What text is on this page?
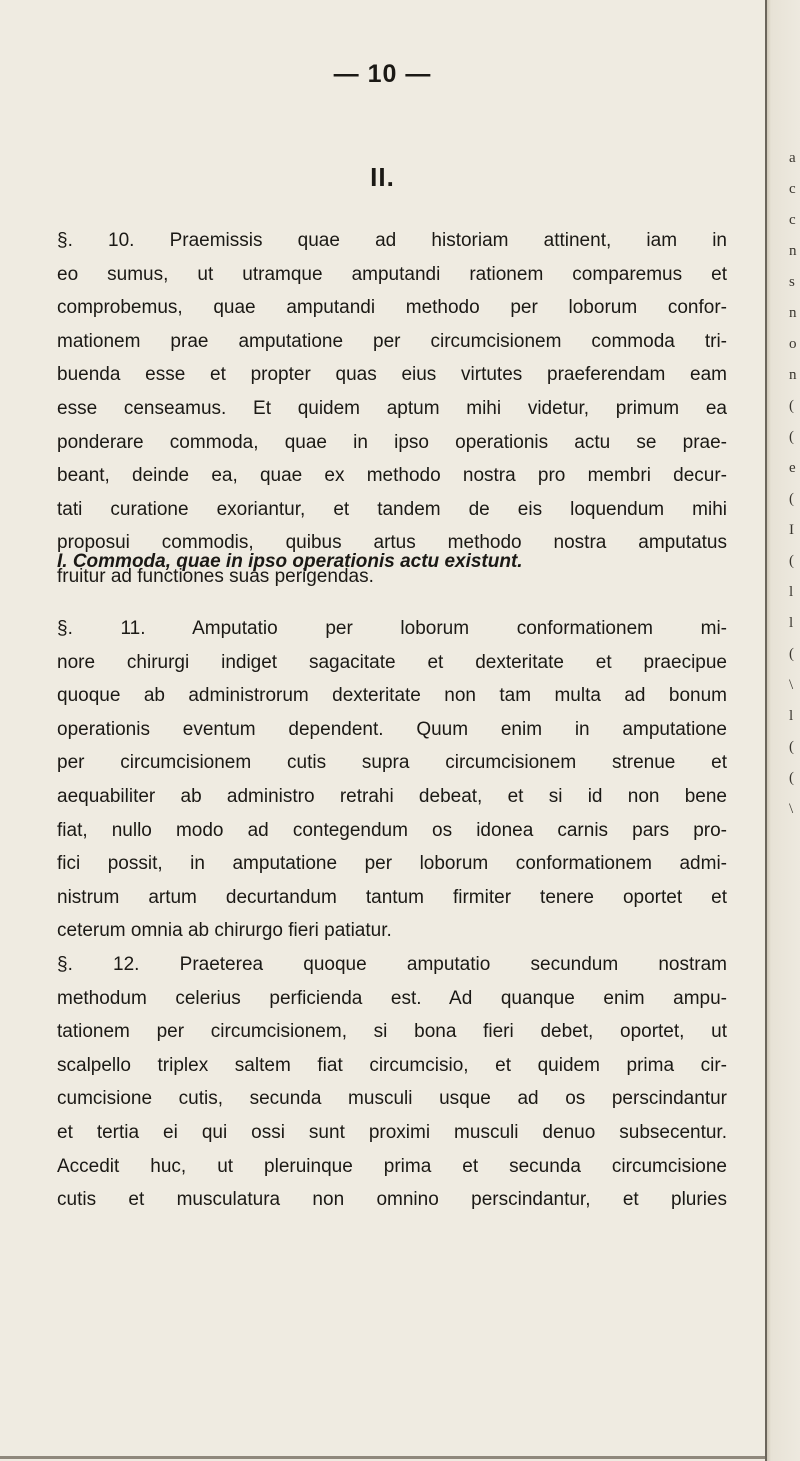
— 10 —
II.
§. 10. Praemissis quae ad historiam attinent, iam in
eo sumus, ut utramque amputandi rationem comparemus et
comprobemus, quae amputandi methodo per loborum confor-
mationem prae amputatione per circumcisionem commoda tri-
buenda esse et propter quas eius virtutes praeferendam eam
esse censeamus. Et quidem aptum mihi videtur, primum ea
ponderare commoda, quae in ipso operationis actu se prae-
beant, deinde ea, quae ex methodo nostra pro membri decur-
tati curatione exoriantur, et tandem de eis loquendum mihi
proposui commodis, quibus artus methodo nostra amputatus
fruitur ad functiones suas perigendas.
I. Commoda, quae in ipso operationis actu existunt.
§. 11. Amputatio per loborum conformationem mi-
nore chirurgi indiget sagacitate et dexteritate et praecipue
quoque ab administrorum dexteritate non tam multa ad bonum
operationis eventum dependent. Quum enim in amputatione
per circumcisionem cutis supra circumcisionem strenue et
aequabiliter ab administro retrahi debeat, et si id non bene
fiat, nullo modo ad contegendum os idonea carnis pars pro-
fici possit, in amputatione per loborum conformationem admi-
nistrum artum decurtandum tantum firmiter tenere oportet et
ceterum omnia ab chirurgo fieri patiatur.
§. 12. Praeterea quoque amputatio secundum nostram
methodum celerius perficienda est. Ad quanque enim ampu-
tationem per circumcisionem, si bona fieri debet, oportet, ut
scalpello triplex saltem fiat circumcisio, et quidem prima cir-
cumcisione cutis, secunda musculi usque ad os perscindantur
et tertia ei qui ossi sunt proximi musculi denuo subsecentur.
Accedit huc, ut pleruinque prima et secunda circumcisione
cutis et musculatura non omnino perscindantur, et pluries
a
c
c
n
s
n
o
n
(
(
e
(
I
(
l
l
(
\
l
(
(
\
